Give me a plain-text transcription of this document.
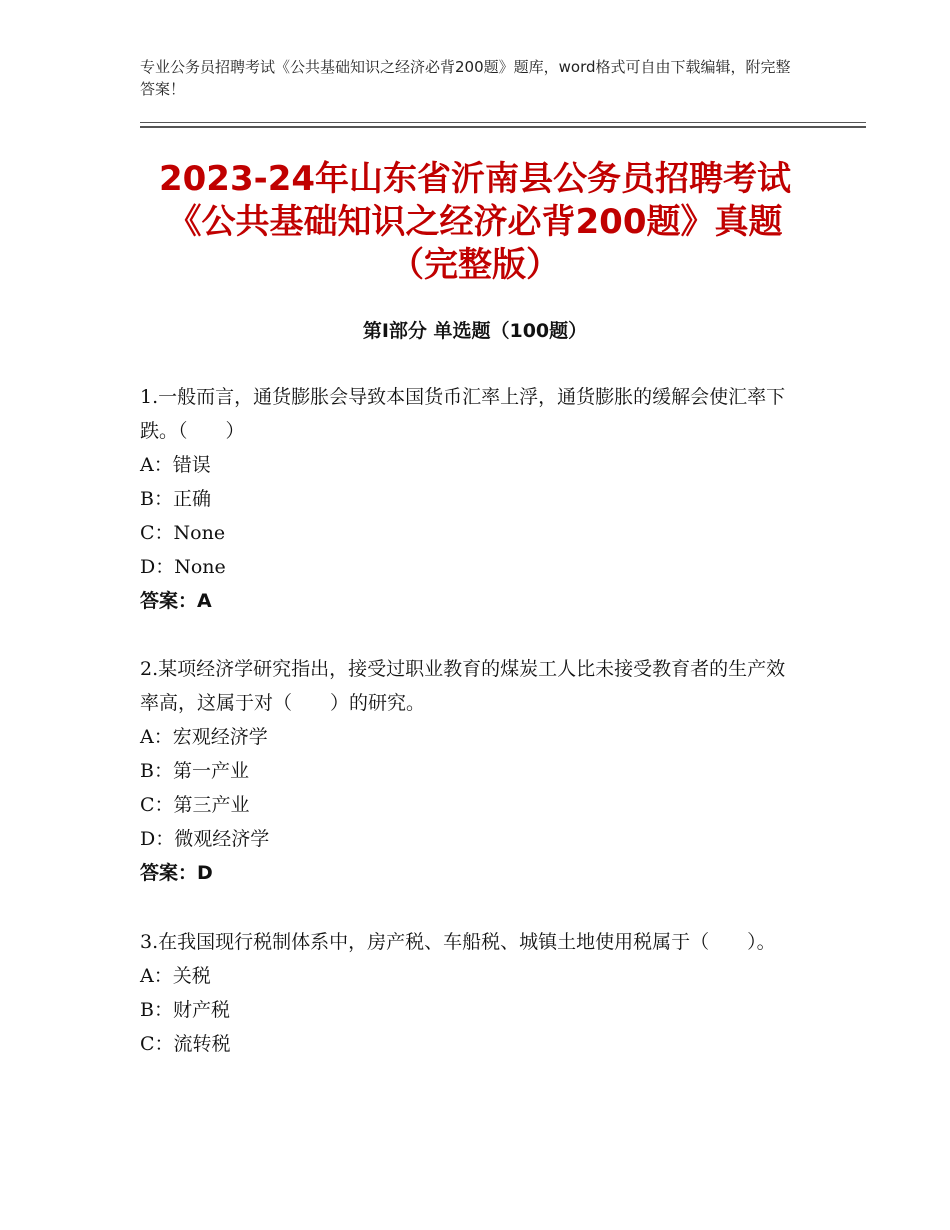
专业公务员招聘考试《公共基础知识之经济必背200题》题库，word格式可自由下载编辑，附完整答案！
2023-24年山东省沂南县公务员招聘考试
《公共基础知识之经济必背200题》真题
（完整版）
第Ⅰ部分 单选题（100题）
1.一般而言，通货膨胀会导致本国货币汇率上浮，通货膨胀的缓解会使汇率下跌。（　　）
A：错误
B：正确
C：None
D：None
答案：A
2.某项经济学研究指出，接受过职业教育的煤炭工人比未接受教育者的生产效率高，这属于对（　　）的研究。
A：宏观经济学
B：第一产业
C：第三产业
D：微观经济学
答案：D
3.在我国现行税制体系中，房产税、车船税、城镇土地使用税属于（　　）。
A：关税
B：财产税
C：流转税
